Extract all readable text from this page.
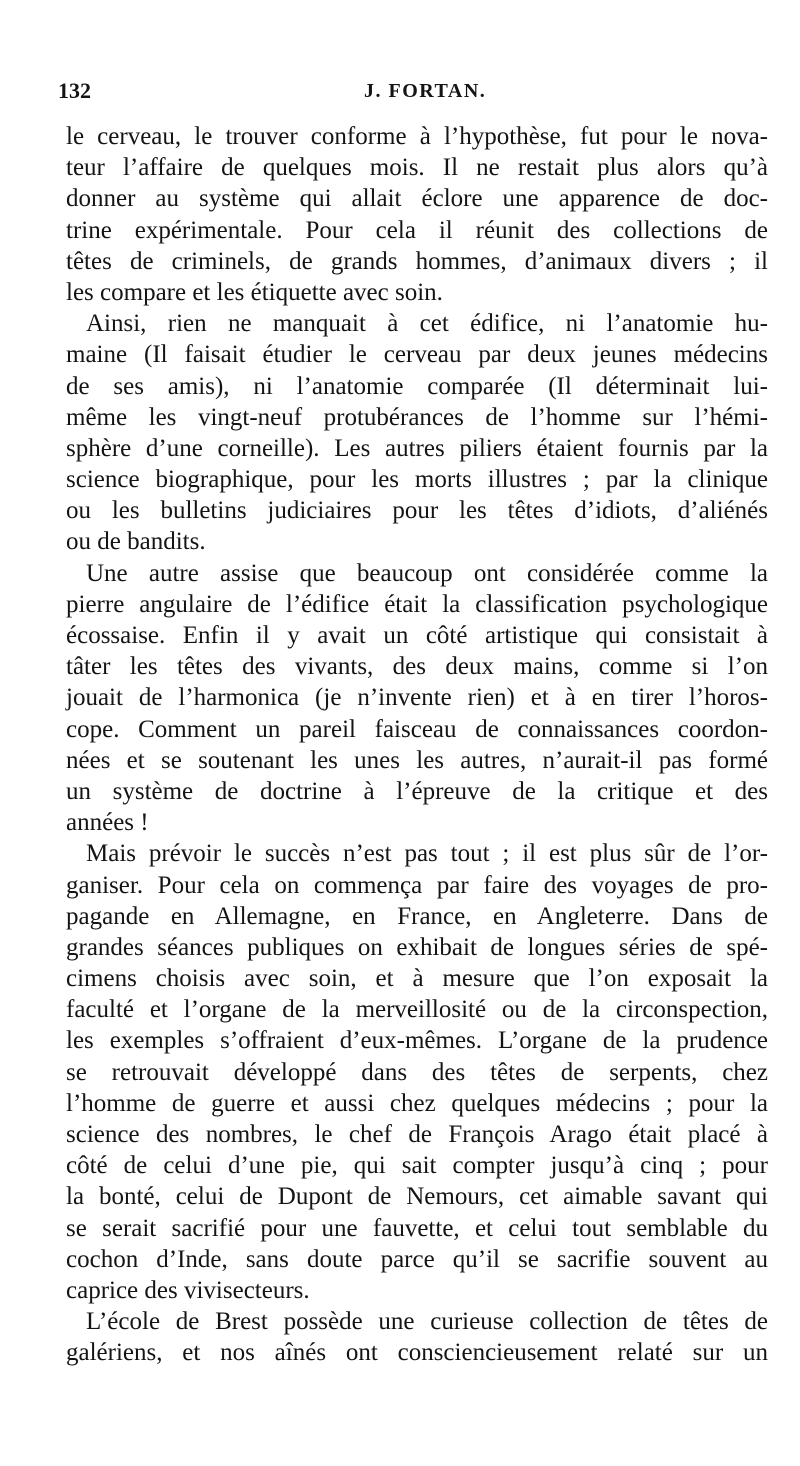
132	J. FORTAN.
le cerveau, le trouver conforme à l’hypothèse, fut pour le nova-
teur l’affaire de quelques mois. Il ne restait plus alors qu’à
donner au système qui allait éclore une apparence de doc-
trine expérimentale. Pour cela il réunit des collections de
têtes de criminels, de grands hommes, d’animaux divers ; il
les compare et les étiquette avec soin.
Ainsi, rien ne manquait à cet édifice, ni l’anatomie hu-
maine (Il faisait étudier le cerveau par deux jeunes médecins
de ses amis), ni l’anatomie comparée (Il déterminait lui-
même les vingt-neuf protubérances de l’homme sur l’hémi-
sphère d’une corneille). Les autres piliers étaient fournis par la
science biographique, pour les morts illustres ; par la clinique
ou les bulletins judiciaires pour les têtes d’idiots, d’aliénés
ou de bandits.
Une autre assise que beaucoup ont considérée comme la
pierre angulaire de l’édifice était la classification psychologique
écossaise. Enfin il y avait un côté artistique qui consistait à
tâter les têtes des vivants, des deux mains, comme si l’on
jouait de l’harmonica (je n’invente rien) et à en tirer l’horos-
cope. Comment un pareil faisceau de connaissances coordon-
nées et se soutenant les unes les autres, n’aurait-il pas formé
un système de doctrine à l’épreuve de la critique et des
années !
Mais prévoir le succès n’est pas tout ; il est plus sûr de l’or-
ganiser. Pour cela on commença par faire des voyages de pro-
pagande en Allemagne, en France, en Angleterre. Dans de
grandes séances publiques on exhibait de longues séries de spé-
cimens choisis avec soin, et à mesure que l’on exposait la
faculté et l’organe de la merveillosité ou de la circonspection,
les exemples s’offraient d’eux-mêmes. L’organe de la prudence
se retrouvait développé dans des têtes de serpents, chez
l’homme de guerre et aussi chez quelques médecins ; pour la
science des nombres, le chef de François Arago était placé à
côté de celui d’une pie, qui sait compter jusqu’à cinq ; pour
la bonté, celui de Dupont de Nemours, cet aimable savant qui
se serait sacrifié pour une fauvette, et celui tout semblable du
cochon d’Inde, sans doute parce qu’il se sacrifie souvent au
caprice des vivisecteurs.
L’école de Brest possède une curieuse collection de têtes de
galériens, et nos aînés ont consciencieusement relaté sur un
